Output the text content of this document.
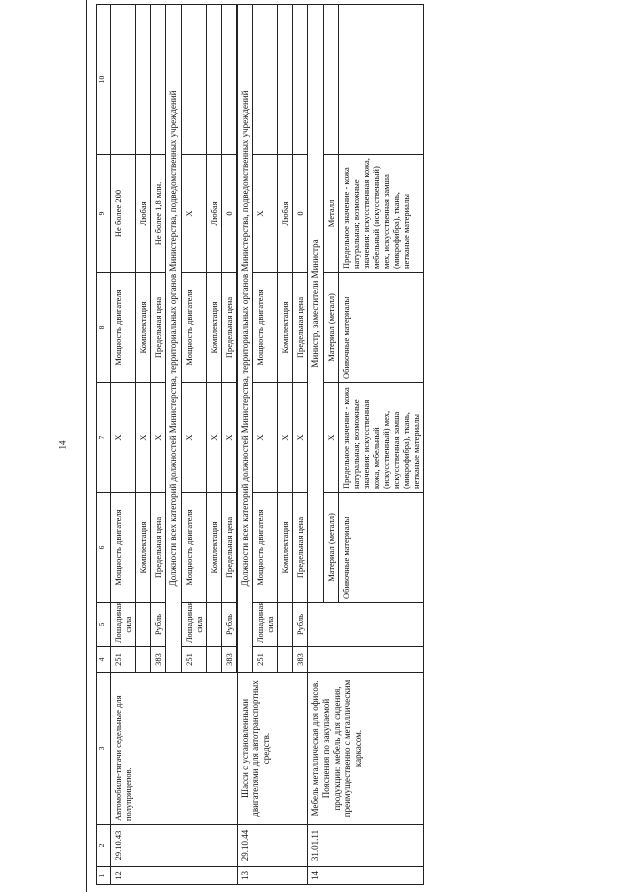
14
1	2	3	4	5	6	7	8	9	10
12	29.10.43	Автомобили-тягачи седельные для полуприцепов.	251	Лошадиная сила	Мощность двигателя	X	Мощность двигателя	Не более 200	
					Комплектация	X	Комплектация	Любая	
			383	Рубль	Предельная цена	X	Предельная цена	Не более 1,8 млн.	
			Должности всех категорий должностей Министерства, территориальных органов Министерства, подведомственных учреждений						
			251	Лошадиная сила	Мощность двигателя	X	Мощность двигателя	X	
					Комплектация	X	Комплектация	Любая	
			383	Рубль	Предельная цена	X	Предельная цена	0	

13	29.10.44	Шасси с установленными двигателями для автотранспортных средств.	Должности всех категорий должностей Министерства, территориальных органов Министерства, подведомственных учреждений						
			251	Лошадиная сила	Мощность двигателя	X	Мощность двигателя	X	
					Комплектация	X	Комплектация	Любая	
			383	Рубль	Предельная цена	X	Предельная цена	0	
14	31.01.11	Мебель металлическая для офисов. Пояснения по закупаемой продукции: мебель для сидения, преимущественно с металлическим каркасом.			Министр, заместители Министра				
					Материал (металл)	X	Материал (металл)	Металл	
					Обивочные материалы	Предельное значение - кожа натуральная; возможные значения: искусственная кожа, мебельный (искусственный) мех, искусственная замша (микрофибра), ткань, нетканые материалы	Обивочные материалы	Предельное значение - кожа натуральная; возможные значения: искусственная кожа, мебельный (искусственный) мех, искусственная замша (микрофибра), ткань, нетканые материалы	
